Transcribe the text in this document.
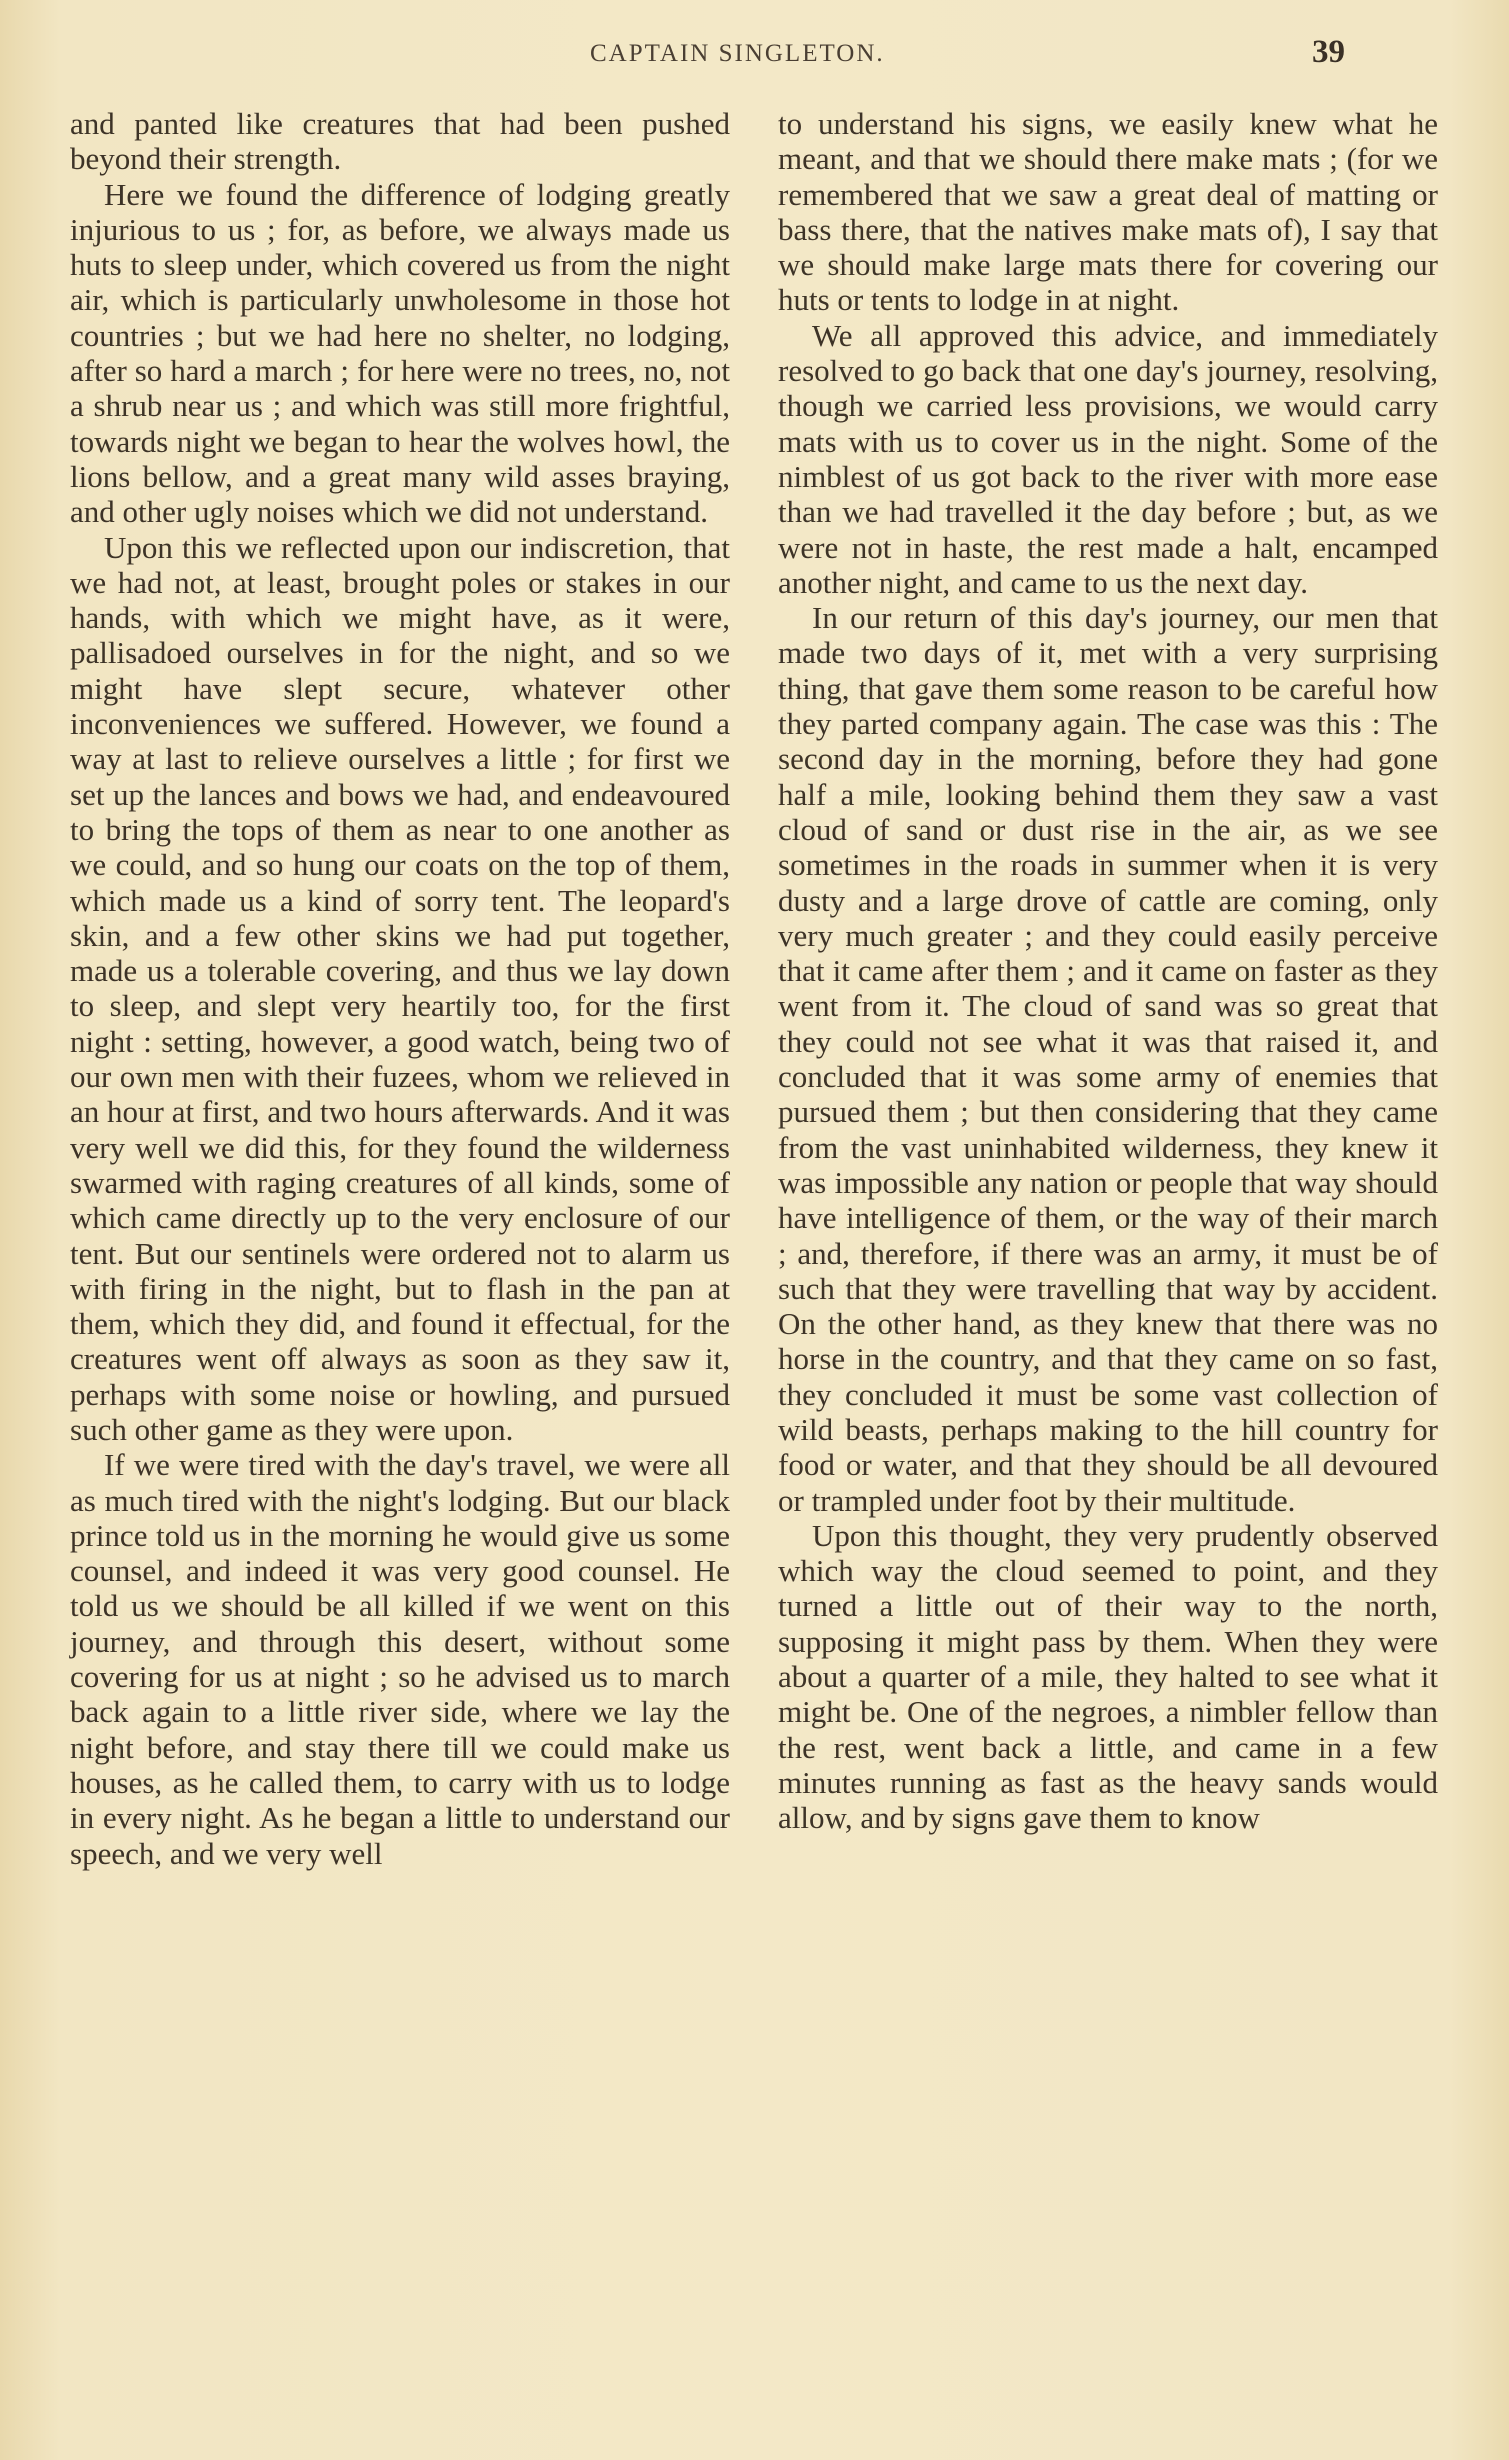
CAPTAIN SINGLETON.	39

and panted like creatures that had been pushed beyond their strength.

Here we found the difference of lodging greatly injurious to us ; for, as before, we always made us huts to sleep under, which covered us from the night air, which is particularly unwholesome in those hot countries ; but we had here no shelter, no lodging, after so hard a march ; for here were no trees, no, not a shrub near us ; and which was still more frightful, towards night we began to hear the wolves howl, the lions bellow, and a great many wild asses braying, and other ugly noises which we did not understand.

Upon this we reflected upon our indiscretion, that we had not, at least, brought poles or stakes in our hands, with which we might have, as it were, pallisadoed ourselves in for the night, and so we might have slept secure, whatever other inconveniences we suffered. However, we found a way at last to relieve ourselves a little ; for first we set up the lances and bows we had, and endeavoured to bring the tops of them as near to one another as we could, and so hung our coats on the top of them, which made us a kind of sorry tent. The leopard's skin, and a few other skins we had put together, made us a tolerable covering, and thus we lay down to sleep, and slept very heartily too, for the first night : setting, however, a good watch, being two of our own men with their fuzees, whom we relieved in an hour at first, and two hours afterwards. And it was very well we did this, for they found the wilderness swarmed with raging creatures of all kinds, some of which came directly up to the very enclosure of our tent. But our sentinels were ordered not to alarm us with firing in the night, but to flash in the pan at them, which they did, and found it effectual, for the creatures went off always as soon as they saw it, perhaps with some noise or howling, and pursued such other game as they were upon.

If we were tired with the day's travel, we were all as much tired with the night's lodging. But our black prince told us in the morning he would give us some counsel, and indeed it was very good counsel. He told us we should be all killed if we went on this journey, and through this desert, without some covering for us at night ; so he advised us to march back again to a little river side, where we lay the night before, and stay there till we could make us houses, as he called them, to carry with us to lodge in every night. As he began a little to understand our speech, and we very well

to understand his signs, we easily knew what he meant, and that we should there make mats ; (for we remembered that we saw a great deal of matting or bass there, that the natives make mats of), I say that we should make large mats there for covering our huts or tents to lodge in at night.

We all approved this advice, and immediately resolved to go back that one day's journey, resolving, though we carried less provisions, we would carry mats with us to cover us in the night. Some of the nimblest of us got back to the river with more ease than we had travelled it the day before ; but, as we were not in haste, the rest made a halt, encamped another night, and came to us the next day.

In our return of this day's journey, our men that made two days of it, met with a very surprising thing, that gave them some reason to be careful how they parted company again. The case was this : The second day in the morning, before they had gone half a mile, looking behind them they saw a vast cloud of sand or dust rise in the air, as we see sometimes in the roads in summer when it is very dusty and a large drove of cattle are coming, only very much greater ; and they could easily perceive that it came after them ; and it came on faster as they went from it. The cloud of sand was so great that they could not see what it was that raised it, and concluded that it was some army of enemies that pursued them ; but then considering that they came from the vast uninhabited wilderness, they knew it was impossible any nation or people that way should have intelligence of them, or the way of their march ; and, therefore, if there was an army, it must be of such that they were travelling that way by accident. On the other hand, as they knew that there was no horse in the country, and that they came on so fast, they concluded it must be some vast collection of wild beasts, perhaps making to the hill country for food or water, and that they should be all devoured or trampled under foot by their multitude.

Upon this thought, they very prudently observed which way the cloud seemed to point, and they turned a little out of their way to the north, supposing it might pass by them. When they were about a quarter of a mile, they halted to see what it might be. One of the negroes, a nimbler fellow than the rest, went back a little, and came in a few minutes running as fast as the heavy sands would allow, and by signs gave them to know
